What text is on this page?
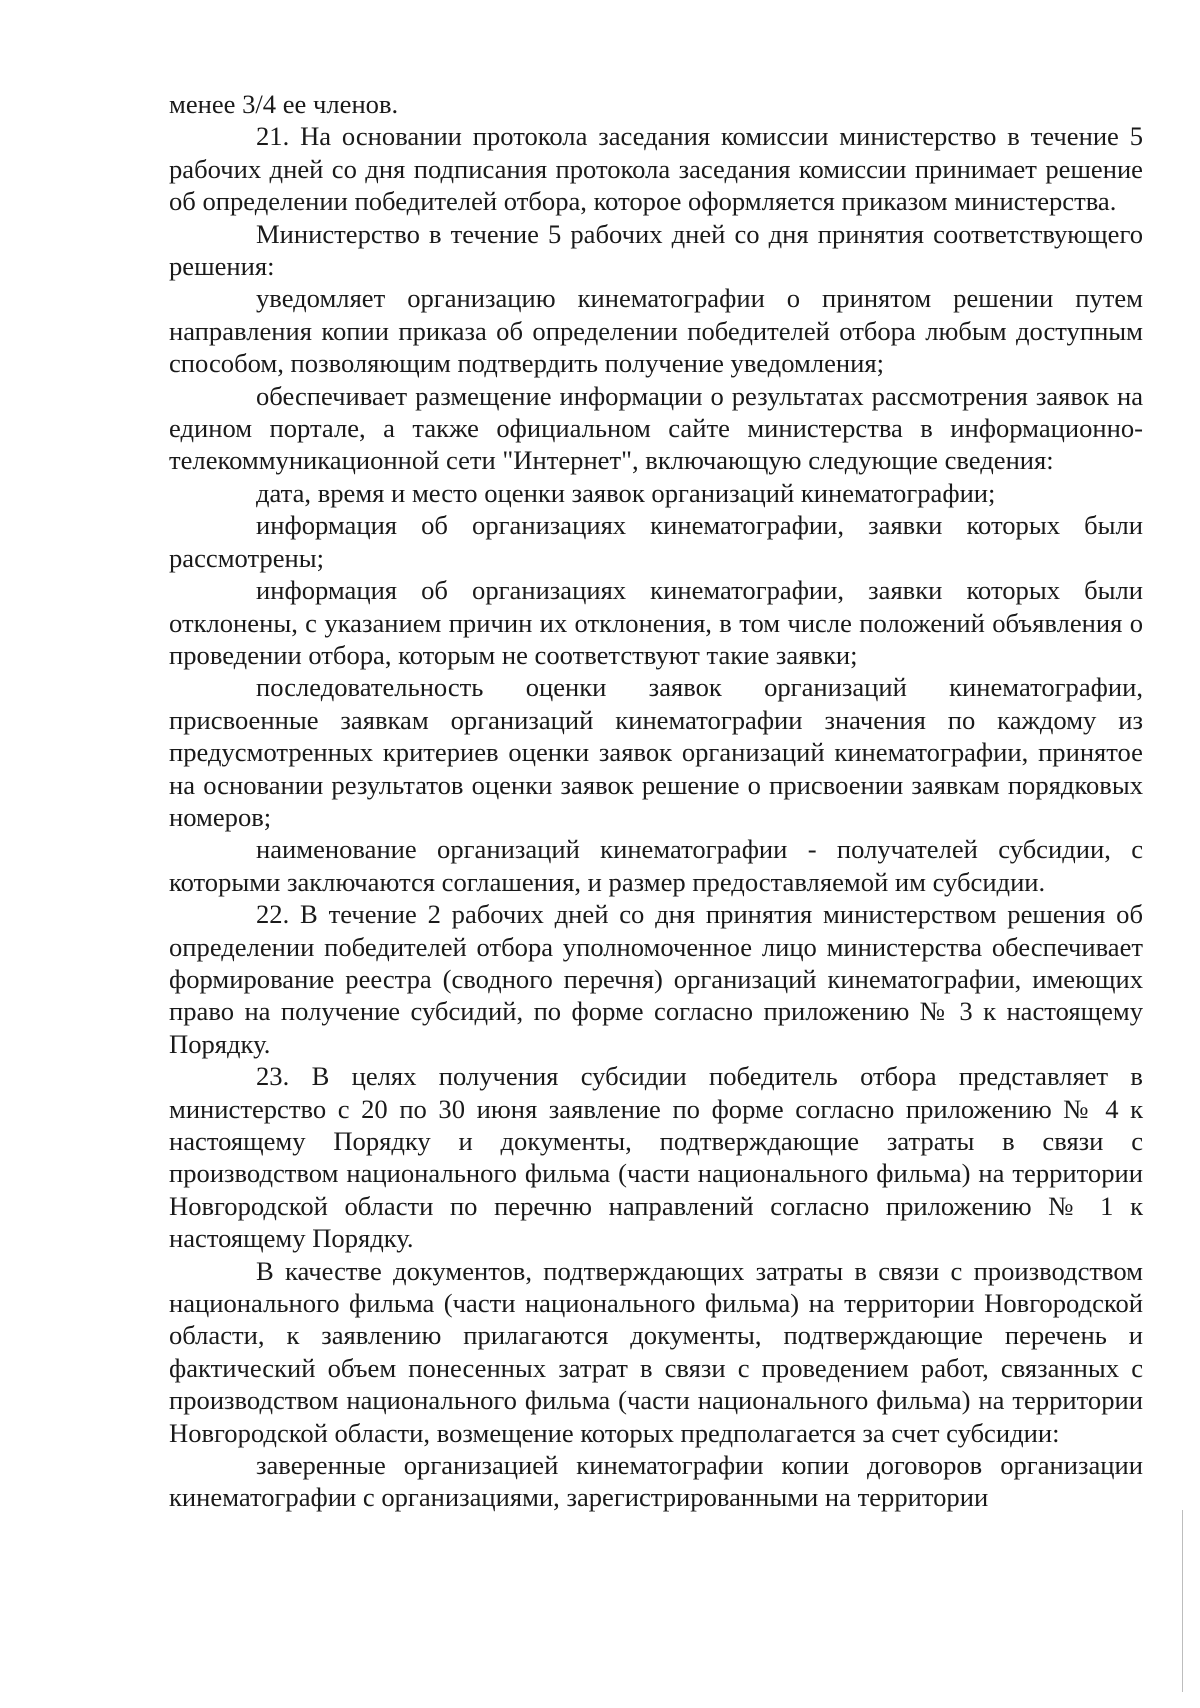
менее 3/4 ее членов.

21. На основании протокола заседания комиссии министерство в течение 5 рабочих дней со дня подписания протокола заседания комиссии принимает решение об определении победителей отбора, которое оформляется приказом министерства.

Министерство в течение 5 рабочих дней со дня принятия соответствующего решения:

уведомляет организацию кинематографии о принятом решении путем направления копии приказа об определении победителей отбора любым доступным способом, позволяющим подтвердить получение уведомления;

обеспечивает размещение информации о результатах рассмотрения заявок на едином портале, а также официальном сайте министерства в информационно-телекоммуникационной сети "Интернет", включающую следующие сведения:

дата, время и место оценки заявок организаций кинематографии;

информация об организациях кинематографии, заявки которых были рассмотрены;

информация об организациях кинематографии, заявки которых были отклонены, с указанием причин их отклонения, в том числе положений объявления о проведении отбора, которым не соответствуют такие заявки;

последовательность оценки заявок организаций кинематографии, присвоенные заявкам организаций кинематографии значения по каждому из предусмотренных критериев оценки заявок организаций кинематографии, принятое на основании результатов оценки заявок решение о присвоении заявкам порядковых номеров;

наименование организаций кинематографии - получателей субсидии, с которыми заключаются соглашения, и размер предоставляемой им субсидии.

22. В течение 2 рабочих дней со дня принятия министерством решения об определении победителей отбора уполномоченное лицо министерства обеспечивает формирование реестра (сводного перечня) организаций кинематографии, имеющих право на получение субсидий, по форме согласно приложению № 3 к настоящему Порядку.

23. В целях получения субсидии победитель отбора представляет в министерство с 20 по 30 июня заявление по форме согласно приложению № 4 к настоящему Порядку и документы, подтверждающие затраты в связи с производством национального фильма (части национального фильма) на территории Новгородской области по перечню направлений согласно приложению № 1 к настоящему Порядку.

В качестве документов, подтверждающих затраты в связи с производством национального фильма (части национального фильма) на территории Новгородской области, к заявлению прилагаются документы, подтверждающие перечень и фактический объем понесенных затрат в связи с проведением работ, связанных с производством национального фильма (части национального фильма) на территории Новгородской области, возмещение которых предполагается за счет субсидии:

заверенные организацией кинематографии копии договоров организации кинематографии с организациями, зарегистрированными на территории
